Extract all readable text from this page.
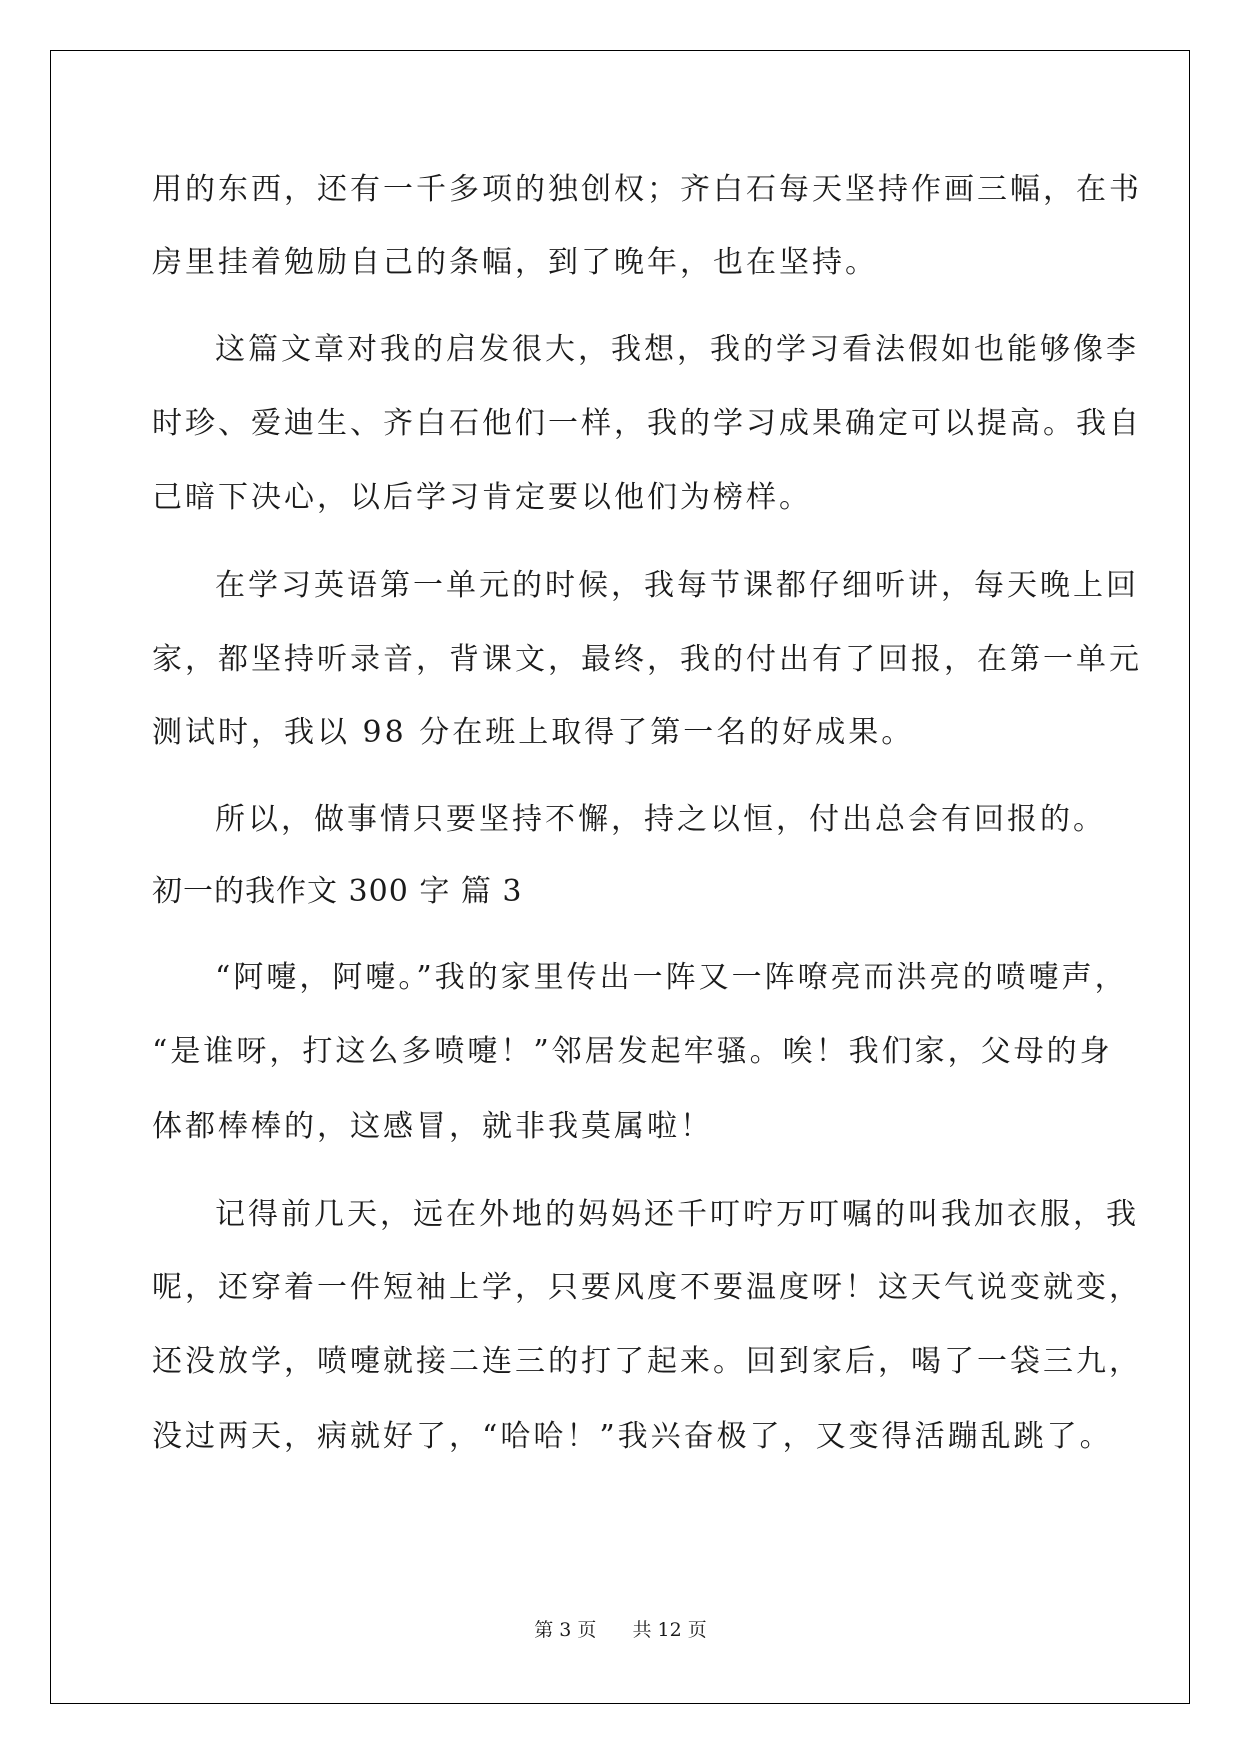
用的东西，还有一千多项的独创权；齐白石每天坚持作画三幅，在书
房里挂着勉励自己的条幅，到了晚年，也在坚持。
这篇文章对我的启发很大，我想，我的学习看法假如也能够像李
时珍、爱迪生、齐白石他们一样，我的学习成果确定可以提高。我自
己暗下决心，以后学习肯定要以他们为榜样。
在学习英语第一单元的时候，我每节课都仔细听讲，每天晚上回
家，都坚持听录音，背课文，最终，我的付出有了回报，在第一单元
测试时，我以 98 分在班上取得了第一名的好成果。
所以，做事情只要坚持不懈，持之以恒，付出总会有回报的。
初一的我作文 300 字 篇 3
“阿嚏，阿嚏。”我的家里传出一阵又一阵嘹亮而洪亮的喷嚏声，
“是谁呀，打这么多喷嚏！”邻居发起牢骚。唉！我们家，父母的身
体都棒棒的，这感冒，就非我莫属啦！
记得前几天，远在外地的妈妈还千叮咛万叮嘱的叫我加衣服，我
呢，还穿着一件短袖上学，只要风度不要温度呀！这天气说变就变，
还没放学，喷嚏就接二连三的打了起来。回到家后，喝了一袋三九，
没过两天，病就好了，“哈哈！”我兴奋极了，又变得活蹦乱跳了。
第 3 页 共 12 页
